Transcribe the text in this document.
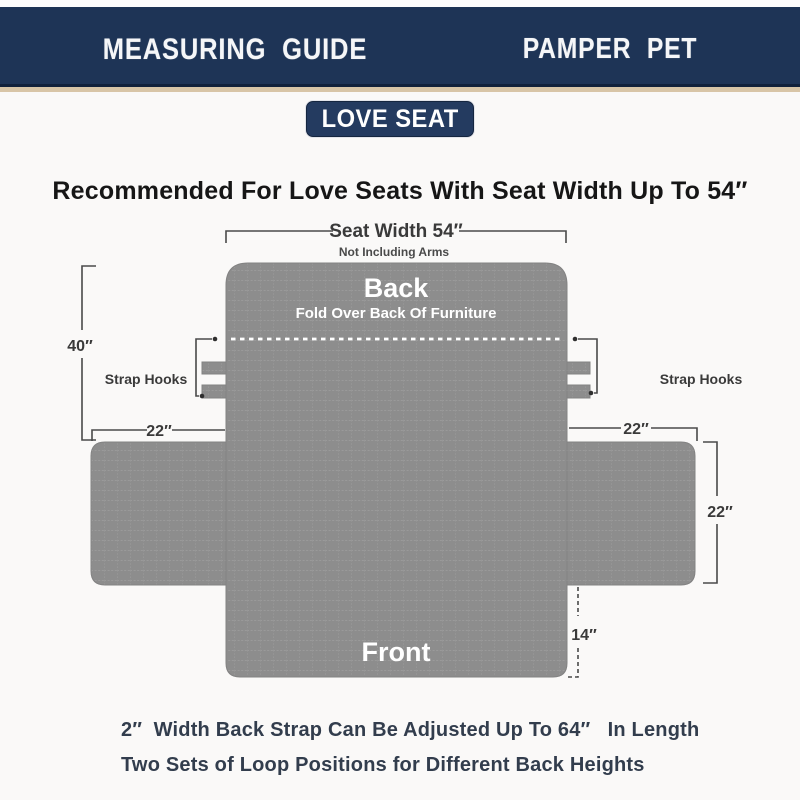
MEASURING  GUIDE	PAMPER  PET
LOVE SEAT
Recommended For Love Seats With Seat Width Up To 54″
Seat Width 54″
Not Including Arms
Back
Fold Over Back Of Furniture
Front
40″
Strap Hooks	Strap Hooks
22″	22″
22″
14″
2″  Width Back Strap Can Be Adjusted Up To 64″   In Length
Two Sets of Loop Positions for Different Back Heights
